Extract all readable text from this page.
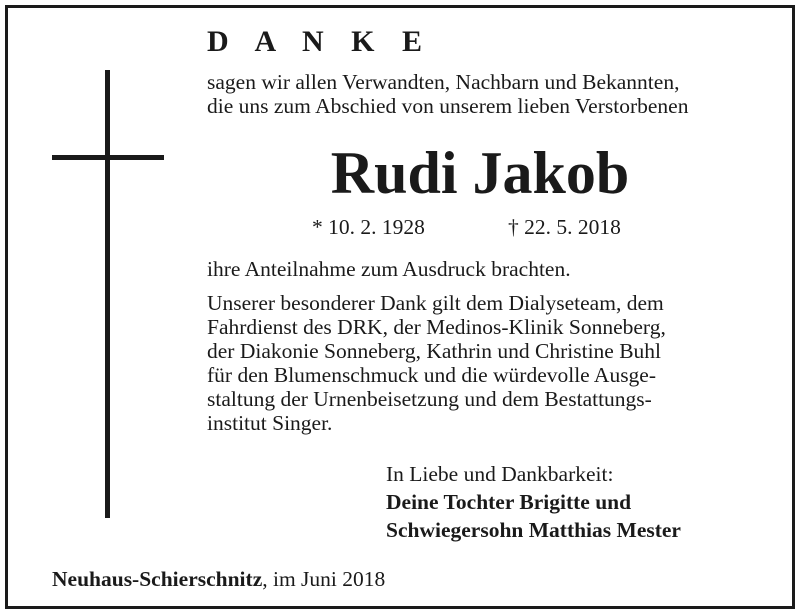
D A N K E
sagen wir allen Verwandten, Nachbarn und Bekannten,
die uns zum Abschied von unserem lieben Verstorbenen
Rudi Jakob
* 10. 2. 1928	† 22. 5. 2018
ihre Anteilnahme zum Ausdruck brachten.
Unserer besonderer Dank gilt dem Dialyseteam, dem
Fahrdienst des DRK, der Medinos-Klinik Sonneberg,
der Diakonie Sonneberg, Kathrin und Christine Buhl
für den Blumenschmuck und die würdevolle Ausge-
staltung der Urnenbeisetzung und dem Bestattungs-
institut Singer.
In Liebe und Dankbarkeit:
Deine Tochter Brigitte und
Schwiegersohn Matthias Mester
Neuhaus-Schierschnitz, im Juni 2018
